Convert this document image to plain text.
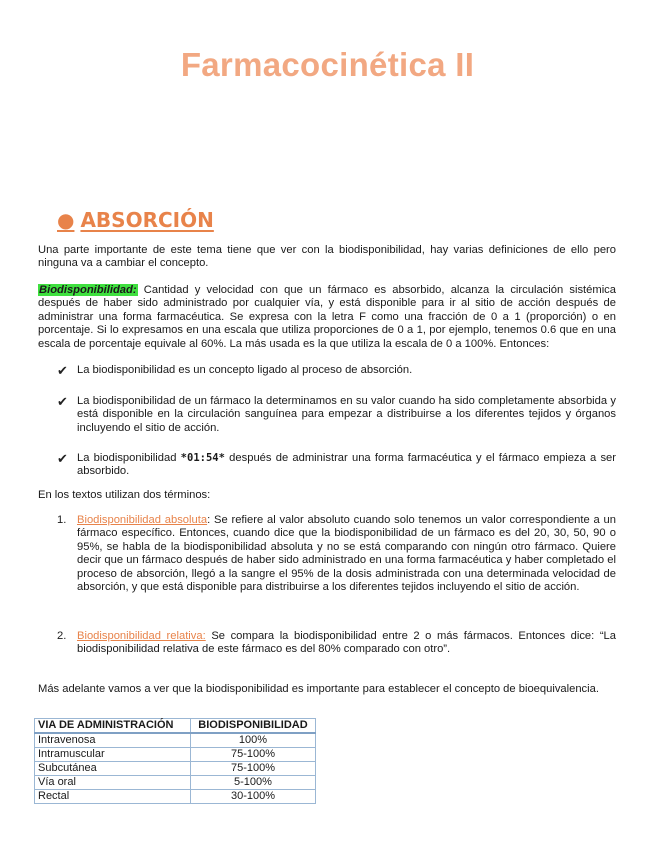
Farmacocinética II
● ABSORCIÓN
Una parte importante de este tema tiene que ver con la biodisponibilidad, hay varias definiciones de ello pero ninguna va a cambiar el concepto.
Biodisponibilidad: Cantidad y velocidad con que un fármaco es absorbido, alcanza la circulación sistémica después de haber sido administrado por cualquier vía, y está disponible para ir al sitio de acción después de administrar una forma farmacéutica. Se expresa con la letra F como una fracción de 0 a 1 (proporción) o en porcentaje. Si lo expresamos en una escala que utiliza proporciones de 0 a 1, por ejemplo, tenemos 0.6 que en una escala de porcentaje equivale al 60%. La más usada es la que utiliza la escala de 0 a 100%. Entonces:
✔ La biodisponibilidad es un concepto ligado al proceso de absorción.
✔ La biodisponibilidad de un fármaco la determinamos en su valor cuando ha sido completamente absorbida y está disponible en la circulación sanguínea para empezar a distribuirse a los diferentes tejidos y órganos incluyendo el sitio de acción.
✔ La biodisponibilidad *01:54* después de administrar una forma farmacéutica y el fármaco empieza a ser absorbido.
En los textos utilizan dos términos:
1. Biodisponibilidad absoluta: Se refiere al valor absoluto cuando solo tenemos un valor correspondiente a un fármaco específico. Entonces, cuando dice que la biodisponibilidad de un fármaco es del 20, 30, 50, 90 o 95%, se habla de la biodisponibilidad absoluta y no se está comparando con ningún otro fármaco. Quiere decir que un fármaco después de haber sido administrado en una forma farmacéutica y haber completado el proceso de absorción, llegó a la sangre el 95% de la dosis administrada con una determinada velocidad de absorción, y que está disponible para distribuirse a los diferentes tejidos incluyendo el sitio de acción.
2. Biodisponibilidad relativa: Se compara la biodisponibilidad entre 2 o más fármacos. Entonces dice: “La biodisponibilidad relativa de este fármaco es del 80% comparado con otro”.
Más adelante vamos a ver que la biodisponibilidad es importante para establecer el concepto de bioequivalencia.
VIA DE ADMINISTRACIÓN	BIODISPONIBILIDAD
Intravenosa	100%
Intramuscular	75-100%
Subcutánea	75-100%
Vía oral	5-100%
Rectal	30-100%
